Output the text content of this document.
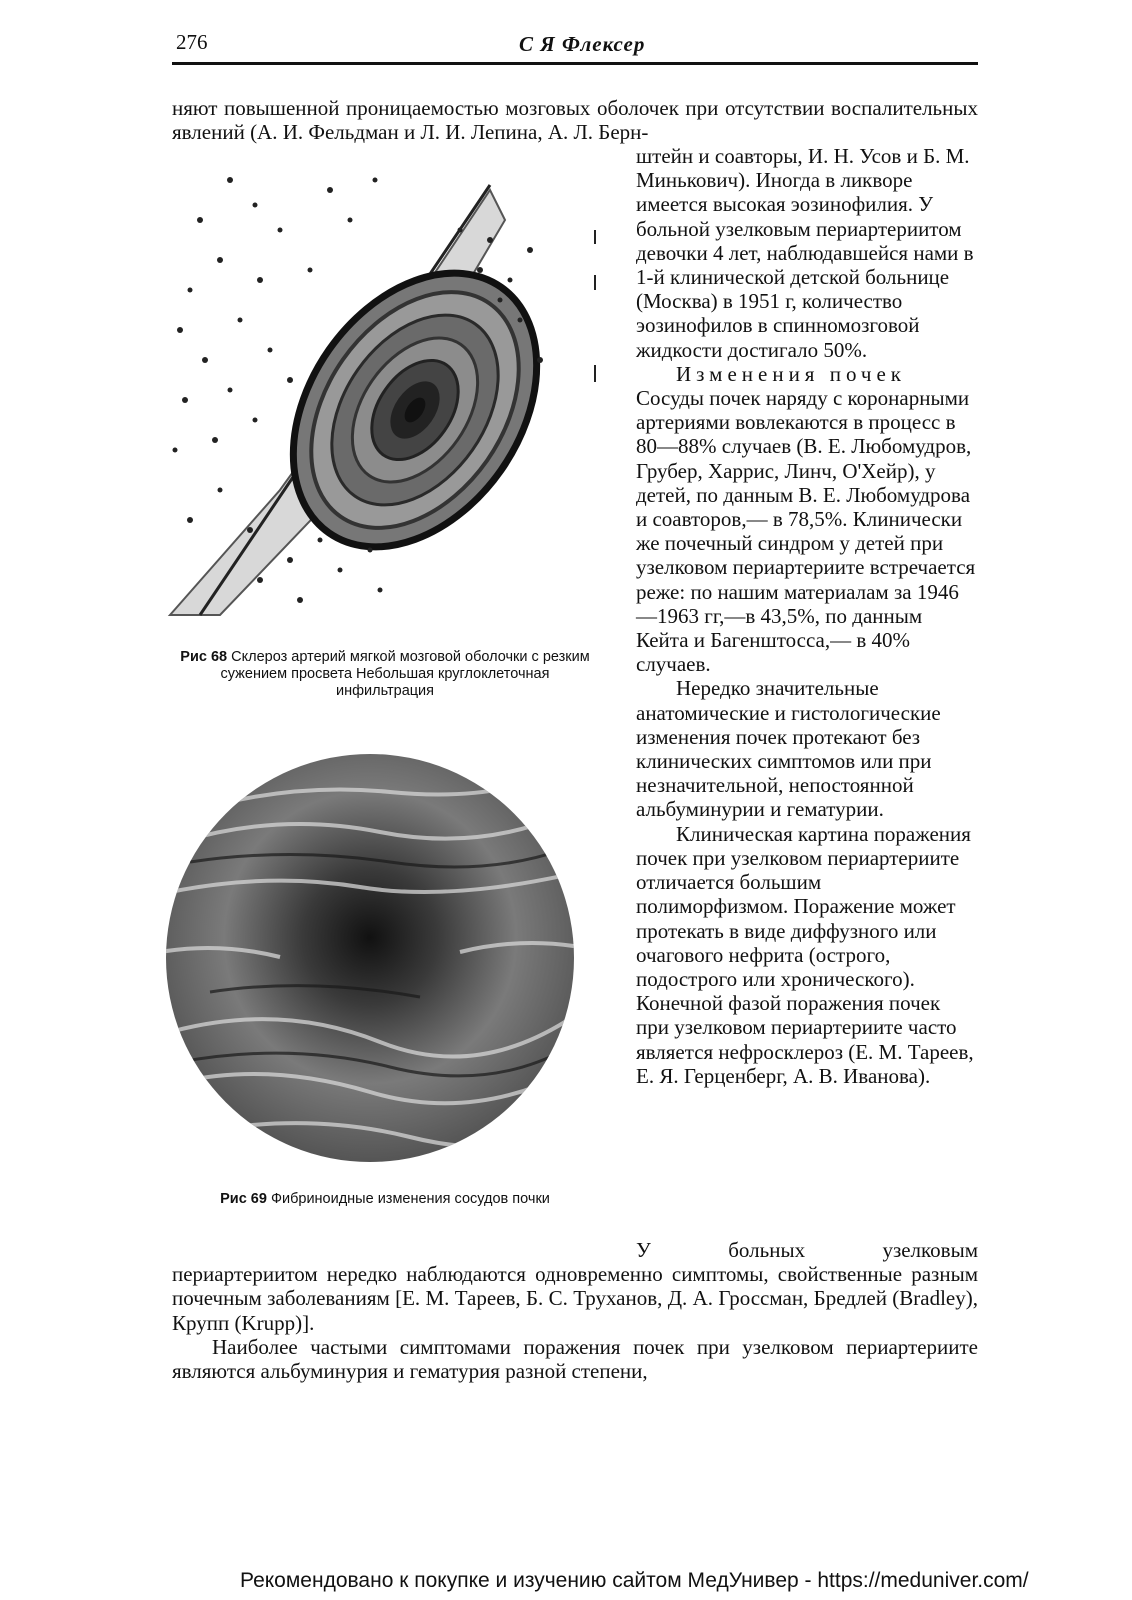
276	С Я Флексер
няют повышенной проницаемостью мозговых оболочек при отсутствии воспалительных явлений (А. И. Фельдман и Л. И. Лепина, А. Л. Берн-
Рис 68 Склероз артерий мягкой мозговой оболочки с резким сужением просвета Небольшая круглоклеточная инфильтрация
Рис 69 Фибриноидные изменения сосудов почки

штейн и соавторы, И. Н. Усов и Б. М. Минькович). Иногда в ликворе имеется высокая эозинофилия. У больной узелковым периартериитом девочки 4 лет, наблюдавшейся нами в 1-й клинической детской больнице (Москва) в 1951 г, количество эозинофилов в спинномозговой жидкости достигало 50%.

Изменения почек

Сосуды почек наряду с коронарными артериями вовлекаются в процесс в 80—88% случаев (В. Е. Любомудров, Грубер, Харрис, Линч, О'Хейр), у детей, по данным В. Е. Любомудрова и соавторов,— в 78,5%. Клинически же почечный синдром у детей при узелковом периартериите встречается реже: по нашим материалам за 1946—1963 гг,—в 43,5%, по данным Кейта и Багенштосса,— в 40% случаев.

Нередко значительные анатомические и гистологические изменения почек протекают без клинических симптомов или при незначительной, непостоянной альбуминурии и гематурии.

Клиническая картина поражения почек при узелковом периартериите отличается большим полиморфизмом. Поражение может протекать в виде диффузного или очагового нефрита (острого, подострого или хронического). Конечной фазой поражения почек при узелковом периартериите часто является нефросклероз (Е. М. Тареев, Е. Я. Герценберг, А. В. Иванова).

У больных узелковым периартериитом нередко наблюдаются одновременно симптомы, свойственные разным почечным заболеваниям [Е. М. Тареев, Б. С. Труханов, Д. А. Гроссман, Бредлей (Bradley), Крупп (Krupp)].

Наиболее частыми симптомами поражения почек при узелковом периартериите являются альбуминурия и гематурия разной степени,

Рекомендовано к покупке и изучению сайтом МедУнивер - https://meduniver.com/
